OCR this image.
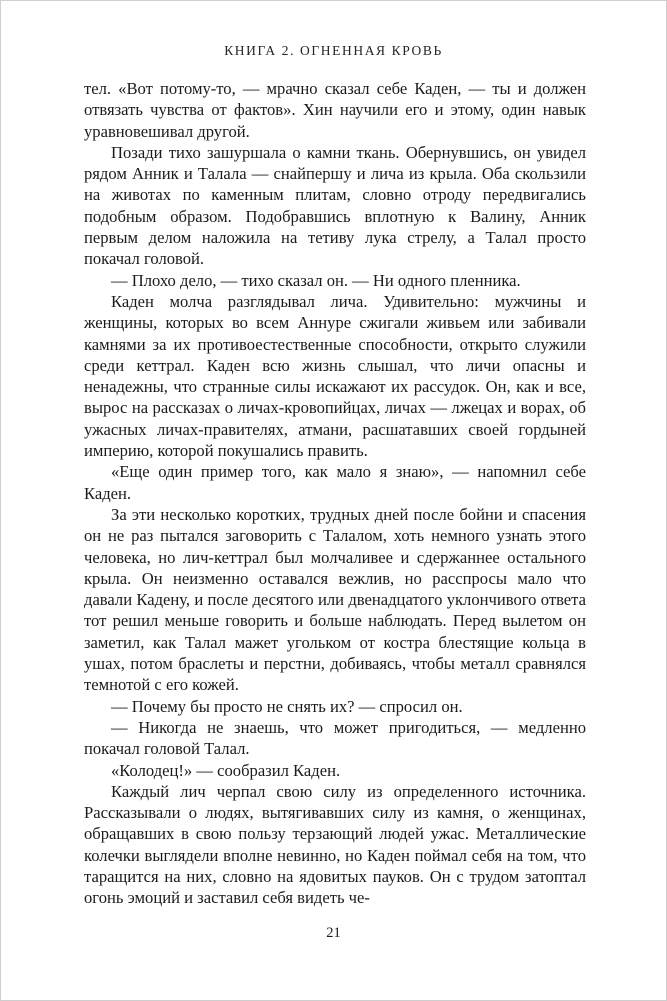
КНИГА 2. ОГНЕННАЯ КРОВЬ

тел. «Вот потому-то, — мрачно сказал себе Каден, — ты и должен отвязать чувства от фактов». Хин научили его и этому, один навык уравновешивал другой.

Позади тихо зашуршала о камни ткань. Обернувшись, он увидел рядом Анник и Талала — снайпершу и лича из крыла. Оба скользили на животах по каменным плитам, словно отроду передвигались подобным образом. Подобравшись вплотную к Валину, Анник первым делом наложила на тетиву лука стрелу, а Талал просто покачал головой.

— Плохо дело, — тихо сказал он. — Ни одного пленника.

Каден молча разглядывал лича. Удивительно: мужчины и женщины, которых во всем Аннуре сжигали живьем или забивали камнями за их противоестественные способности, открыто служили среди кеттрал. Каден всю жизнь слышал, что личи опасны и ненадежны, что странные силы искажают их рассудок. Он, как и все, вырос на рассказах о личах-кровопийцах, личах — лжецах и ворах, об ужасных личах-правителях, атмани, расшатавших своей гордыней империю, которой покушались править.

«Еще один пример того, как мало я знаю», — напомнил себе Каден.

За эти несколько коротких, трудных дней после бойни и спасения он не раз пытался заговорить с Талалом, хоть немного узнать этого человека, но лич-кеттрал был молчаливее и сдержаннее остального крыла. Он неизменно оставался вежлив, но расспросы мало что давали Кадену, и после десятого или двенадцатого уклончивого ответа тот решил меньше говорить и больше наблюдать. Перед вылетом он заметил, как Талал мажет угольком от костра блестящие кольца в ушах, потом браслеты и перстни, добиваясь, чтобы металл сравнялся темнотой с его кожей.

— Почему бы просто не снять их? — спросил он.

— Никогда не знаешь, что может пригодиться, — медленно покачал головой Талал.

«Колодец!» — сообразил Каден.

Каждый лич черпал свою силу из определенного источника. Рассказывали о людях, вытягивавших силу из камня, о женщинах, обращавших в свою пользу терзающий людей ужас. Металлические колечки выглядели вполне невинно, но Каден поймал себя на том, что таращится на них, словно на ядовитых пауков. Он с трудом затоптал огонь эмоций и заставил себя видеть че-

21
